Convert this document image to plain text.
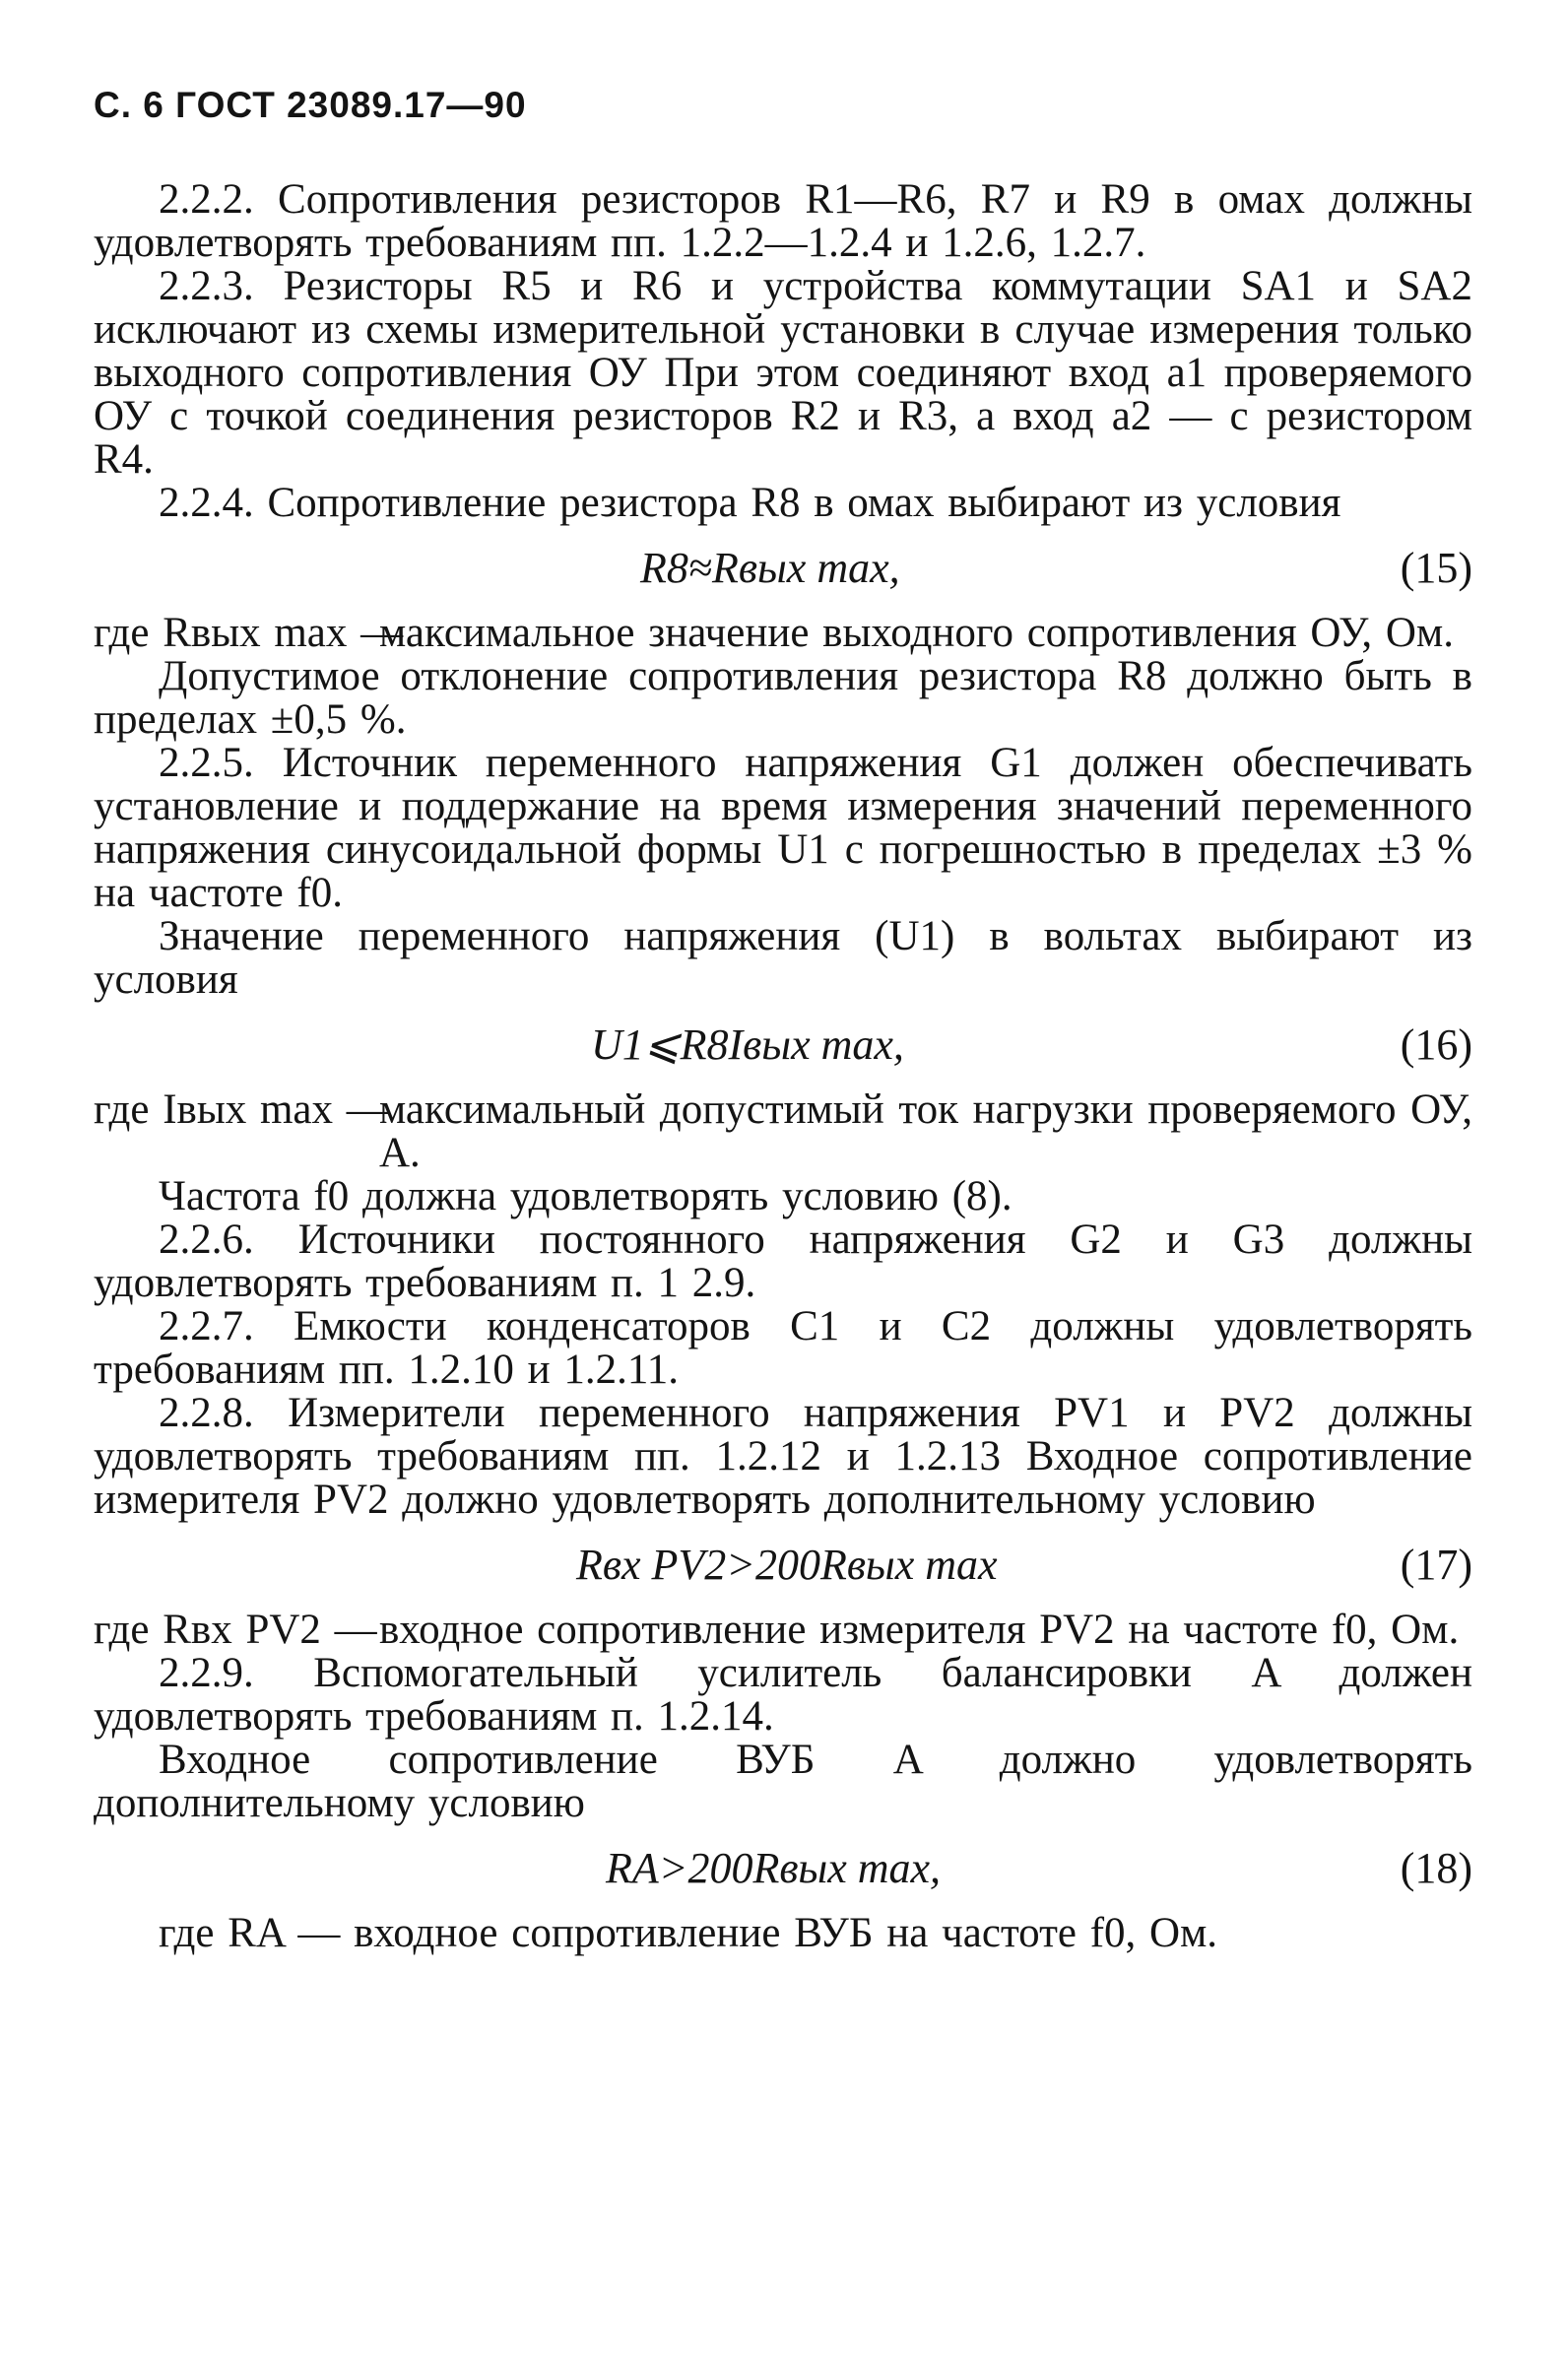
С. 6 ГОСТ 23089.17—90

2.2.2. Сопротивления резисторов R1—R6, R7 и R9 в омах должны удовлетворять требованиям пп. 1.2.2—1.2.4 и 1.2.6, 1.2.7.

2.2.3. Резисторы R5 и R6 и устройства коммутации SA1 и SA2 исключают из схемы измерительной установки в случае измерения только выходного сопротивления ОУ При этом соединяют вход a1 проверяемого ОУ с точкой соединения резисторов R2 и R3, а вход a2 — с резистором R4.

2.2.4. Сопротивление резистора R8 в омах выбирают из условия

R8≈Rвых max,	(15)

где Rвых max —
максимальное значение выходного сопротивления ОУ, Ом.

Допустимое отклонение сопротивления резистора R8 должно быть в пределах ±0,5 %.

2.2.5. Источник переменного напряжения G1 должен обеспечивать установление и поддержание на время измерения значений переменного напряжения синусоидальной формы U1 с погрешностью в пределах ±3 % на частоте f0.

Значение переменного напряжения (U1) в вольтах выбирают из условия

U1⩽R8Iвых max,	(16)

где Iвых max —
максимальный допустимый ток нагрузки проверяемого ОУ, А.

Частота f0 должна удовлетворять условию (8).

2.2.6. Источники постоянного напряжения G2 и G3 должны удовлетворять требованиям п. 1 2.9.

2.2.7. Емкости конденсаторов C1 и C2 должны удовлетворять требованиям пп. 1.2.10 и 1.2.11.

2.2.8. Измерители переменного напряжения PV1 и PV2 должны удовлетворять требованиям пп. 1.2.12 и 1.2.13 Входное сопротивление измерителя PV2 должно удовлетворять дополнительному условию

Rвх PV2>200Rвых max	(17)

где Rвх PV2 — входное сопротивление измерителя PV2 на частоте f0, Ом.

2.2.9. Вспомогательный усилитель балансировки A должен удовлетворять требованиям п. 1.2.14.

Входное сопротивление ВУБ A должно удовлетворять дополнительному условию

RA>200Rвых max,	(18)

где RA — входное сопротивление ВУБ на частоте f0, Ом.
